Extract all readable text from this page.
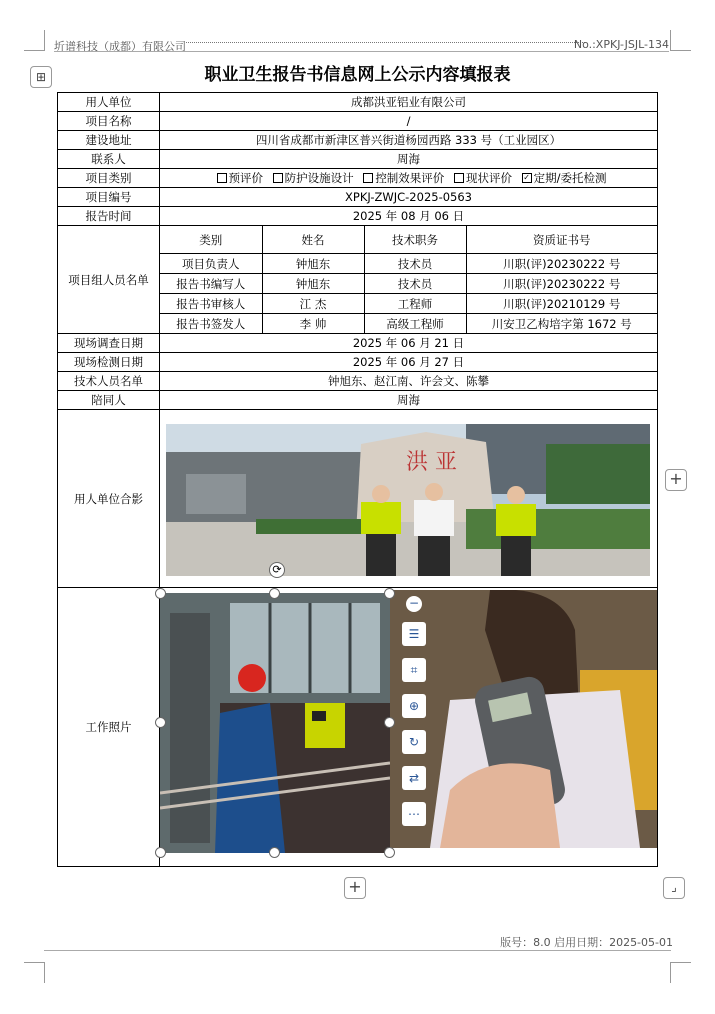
圻谱科技（成都）有限公司	No.:XPKJ-JSJL-134
⊞	职业卫生报告书信息网上公示内容填报表
用人单位	成都洪亚铝业有限公司
项目名称	/
建设地址	四川省成都市新津区普兴街道杨园西路 333 号（工业园区）
联系人	周海
项目类别	预评价 防护设施设计 控制效果评价 现状评价 ✓ 定期/委托检测
项目编号	XPKJ-ZWJC-2025-0563
报告时间	2025 年 08 月 06 日
项目组人员名单	
类别	姓名	技术职务	资质证书号
项目负责人	钟旭东	技术员	川职(评)20230222 号
报告书编写人	钟旭东	技术员	川职(评)20230222 号
报告书审核人	江 杰	工程师	川职(评)20210129 号
报告书签发人	李 帅	高级工程师	川安卫乙构培字第 1672 号

现场调查日期	2025 年 06 月 21 日
现场检测日期	2025 年 06 月 27 日
技术人员名单	钟旭东、赵江南、许会文、陈攀
陪同人	周海
用人单位合影	
工作照片	
洪 亚
⟳
−
☰
⌗
⊕
↻
⇄
⋯
+
+	⌟
版号：8.0 启用日期：2025-05-01
